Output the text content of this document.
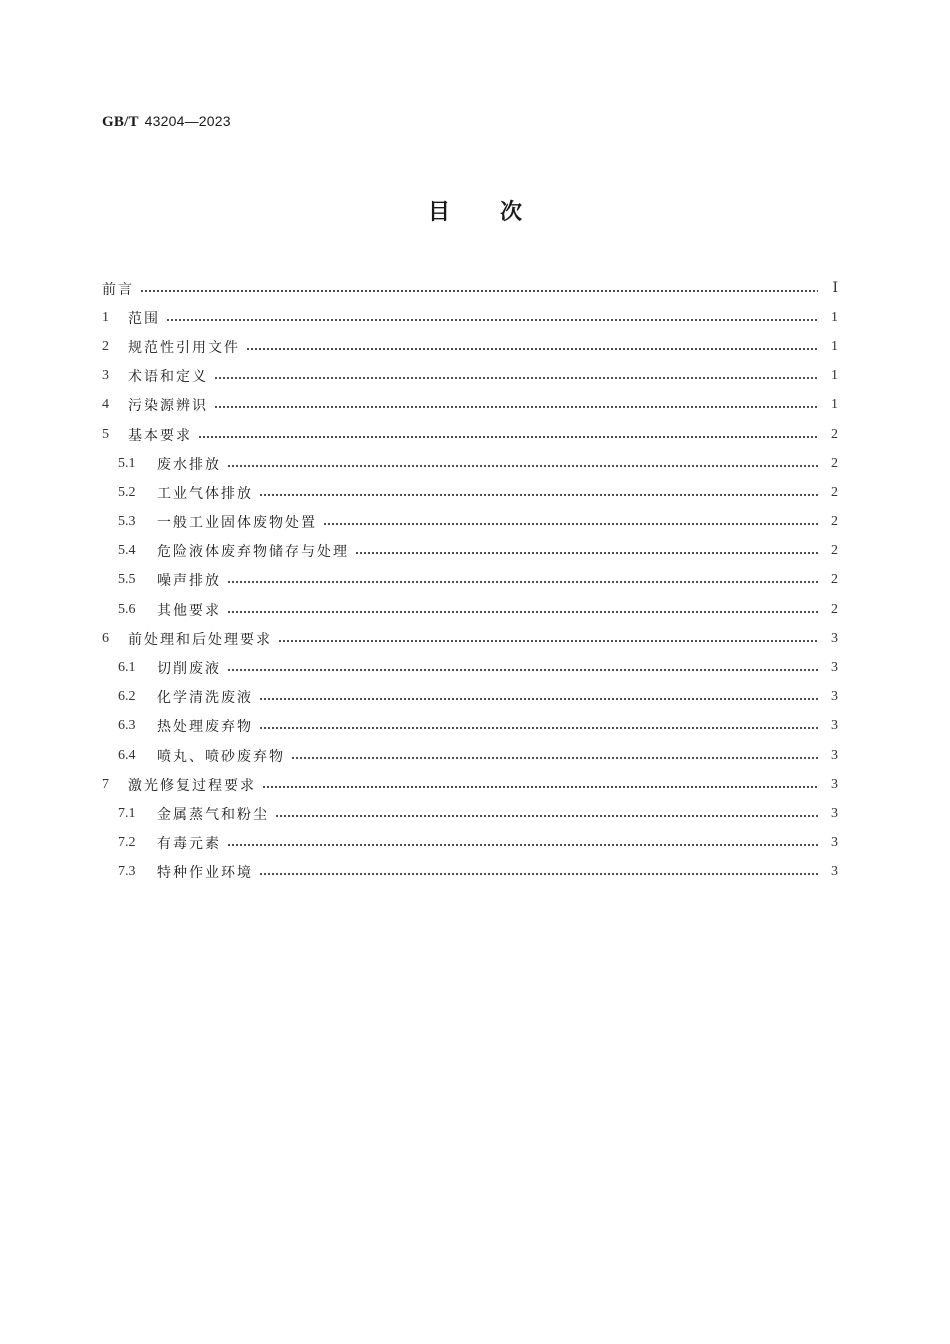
GB/T 43204—2023
目 次
前言	Ⅰ
1	范围	1
2	规范性引用文件	1
3	术语和定义	1
4	污染源辨识	1
5	基本要求	2
5.1	废水排放	2
5.2	工业气体排放	2
5.3	一般工业固体废物处置	2
5.4	危险液体废弃物储存与处理	2
5.5	噪声排放	2
5.6	其他要求	2
6	前处理和后处理要求	3
6.1	切削废液	3
6.2	化学清洗废液	3
6.3	热处理废弃物	3
6.4	喷丸、喷砂废弃物	3
7	激光修复过程要求	3
7.1	金属蒸气和粉尘	3
7.2	有毒元素	3
7.3	特种作业环境	3
